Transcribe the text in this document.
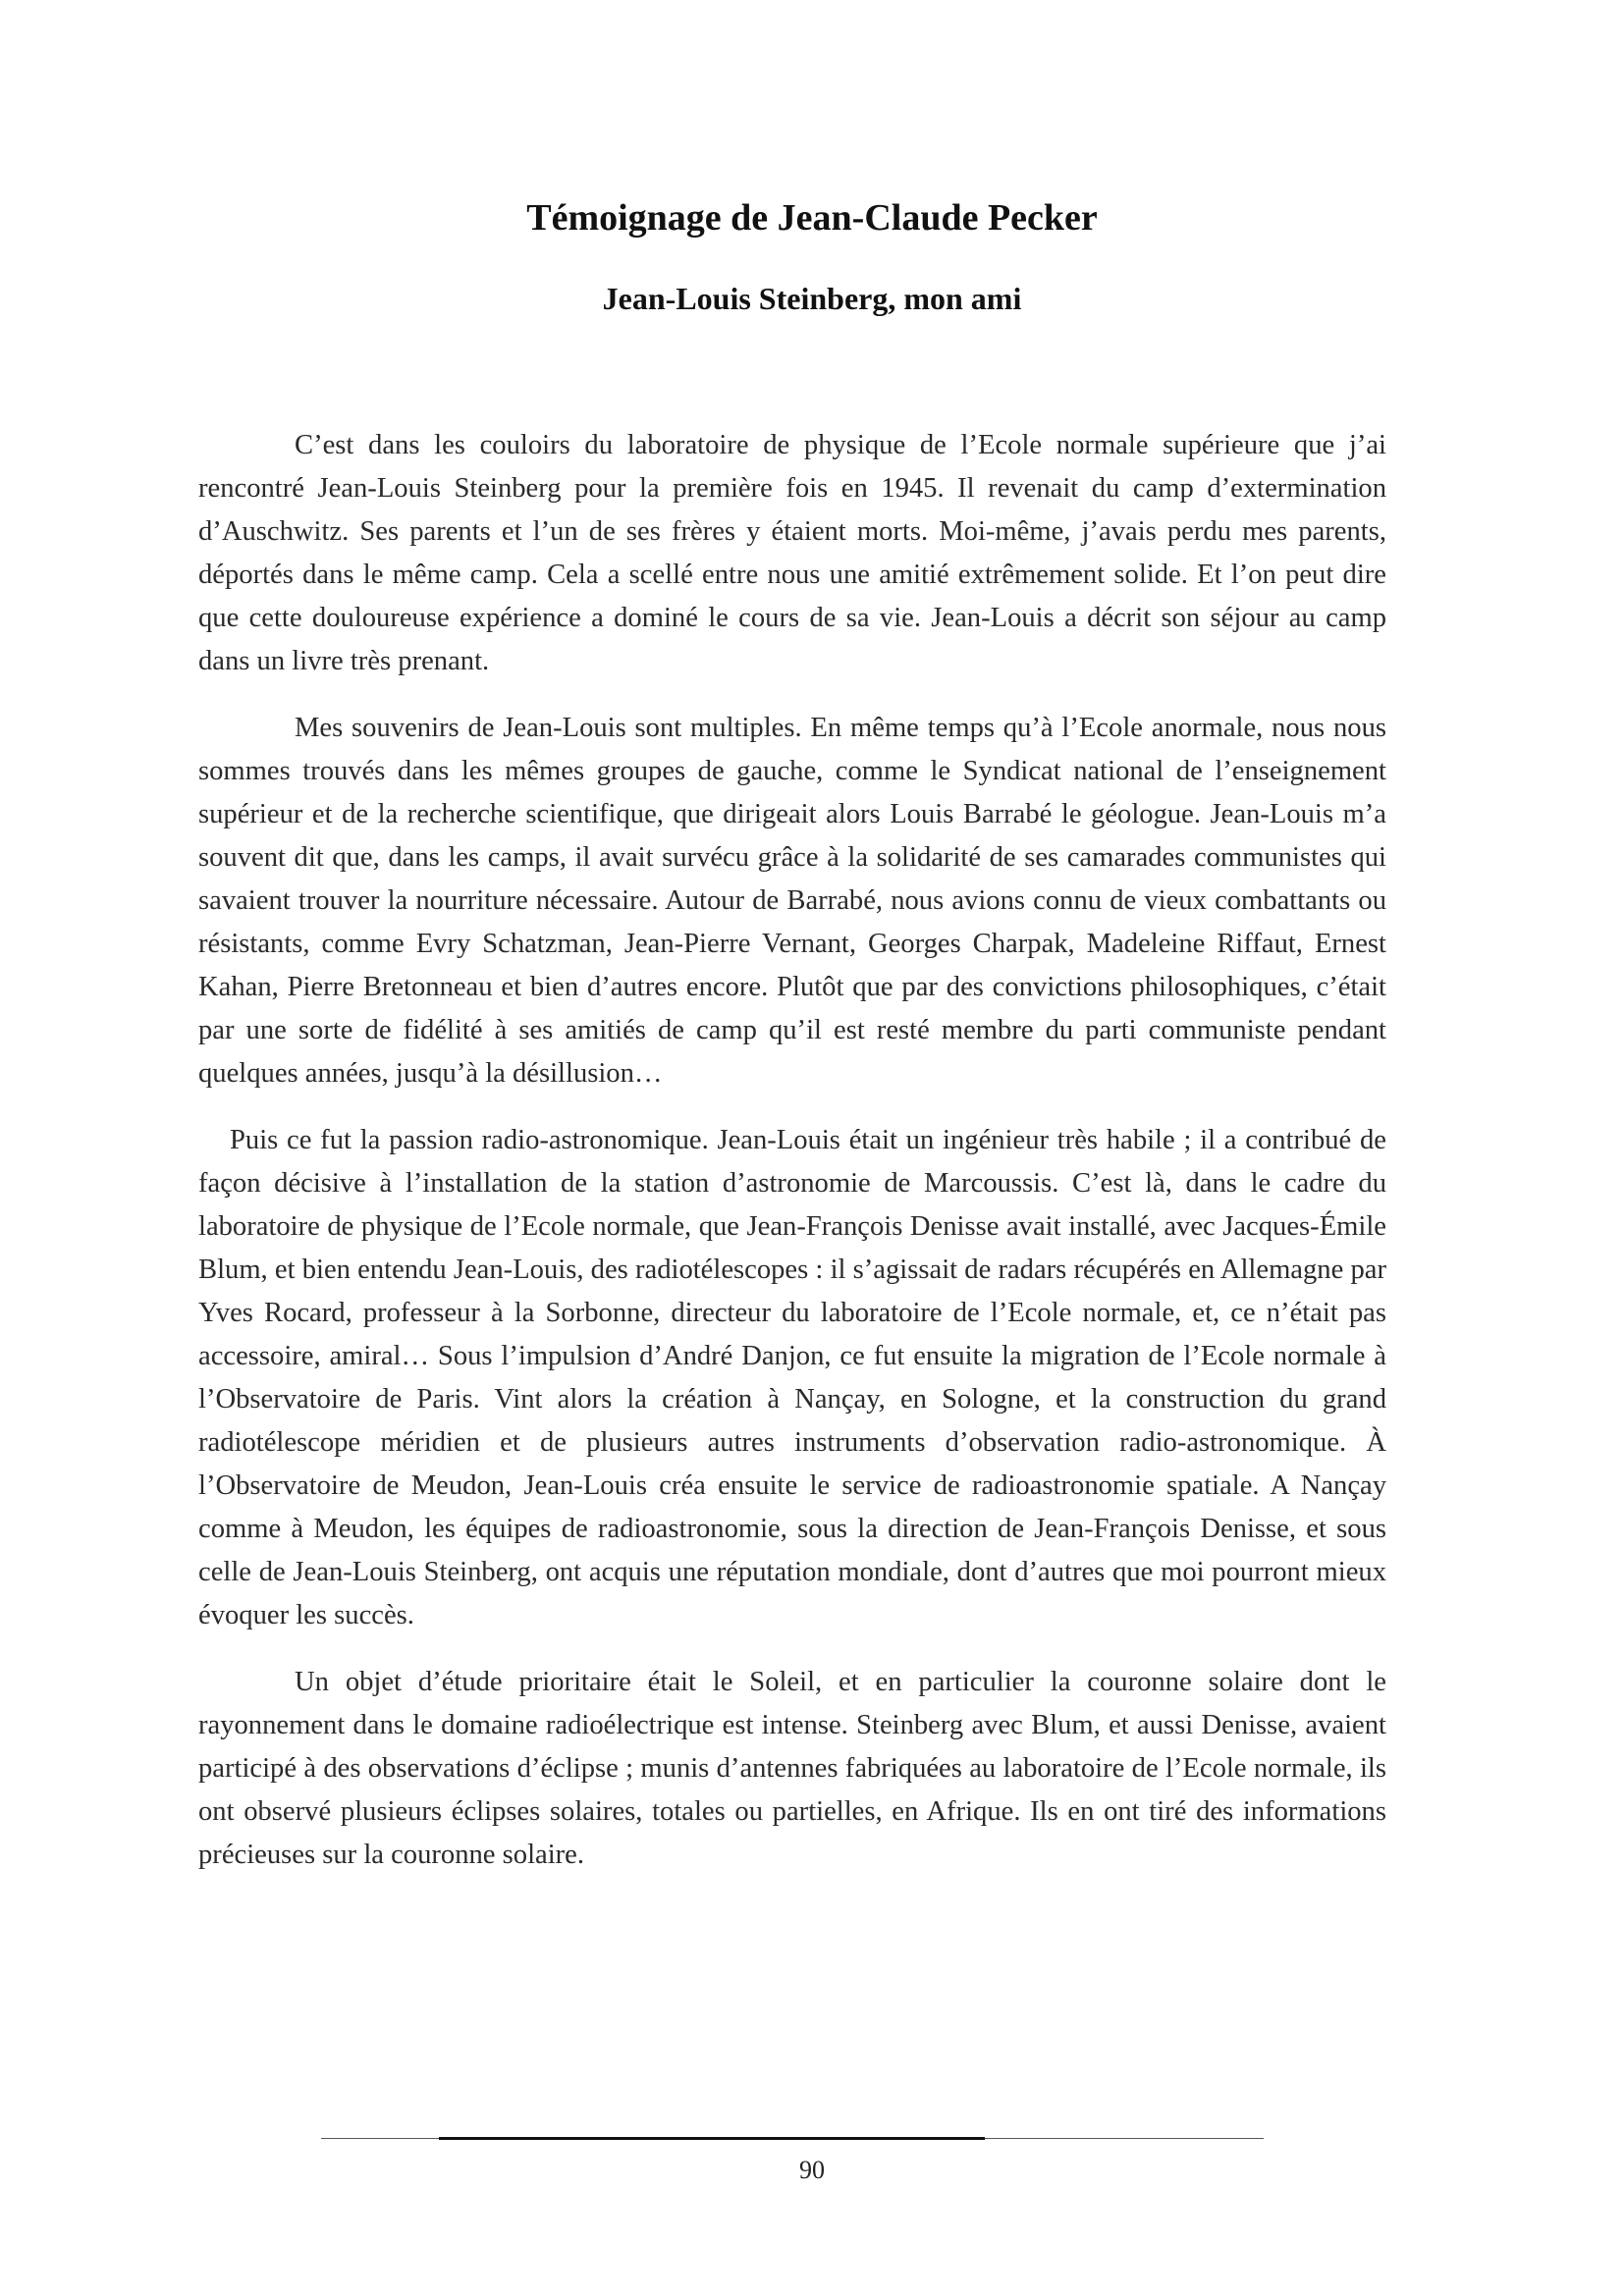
Témoignage de Jean-Claude Pecker
Jean-Louis Steinberg, mon ami

C’est dans les couloirs du laboratoire de physique de l’Ecole normale supérieure que j’ai rencontré Jean-Louis Steinberg pour la première fois en 1945. Il revenait du camp d’extermination d’Auschwitz. Ses parents et l’un de ses frères y étaient morts. Moi-même, j’avais perdu mes parents, déportés dans le même camp. Cela a scellé entre nous une amitié extrêmement solide. Et l’on peut dire que cette douloureuse expérience a dominé le cours de sa vie. Jean-Louis a décrit son séjour au camp dans un livre très prenant.

Mes souvenirs de Jean-Louis sont multiples. En même temps qu’à l’Ecole anormale, nous nous sommes trouvés dans les mêmes groupes de gauche, comme le Syndicat national de l’enseignement supérieur et de la recherche scientifique, que dirigeait alors Louis Barrabé le géologue. Jean-Louis m’a souvent dit que, dans les camps, il avait survécu grâce à la solidarité de ses camarades communistes qui savaient trouver la nourriture nécessaire. Autour de Barrabé, nous avions connu de vieux combattants ou résistants, comme Evry Schatzman, Jean-Pierre Vernant, Georges Charpak, Madeleine Riffaut, Ernest Kahan, Pierre Bretonneau et bien d’autres encore. Plutôt que par des convictions philosophiques, c’était par une sorte de fidélité à ses amitiés de camp qu’il est resté membre du parti communiste pendant quelques années, jusqu’à la désillusion…

Puis ce fut la passion radio-astronomique. Jean-Louis était un ingénieur très habile ; il a contribué de façon décisive à l’installation de la station d’astronomie de Marcoussis. C’est là, dans le cadre du laboratoire de physique de l’Ecole normale, que Jean-François Denisse avait installé, avec Jacques-Émile Blum, et bien entendu Jean-Louis, des radiotélescopes : il s’agissait de radars récupérés en Allemagne par Yves Rocard, professeur à la Sorbonne, directeur du laboratoire de l’Ecole normale, et, ce n’était pas accessoire, amiral… Sous l’impulsion d’André Danjon, ce fut ensuite la migration de l’Ecole normale à l’Observatoire de Paris. Vint alors la création à Nançay, en Sologne, et la construction du grand radiotélescope méridien et de plusieurs autres instruments d’observation radio-astronomique. À l’Observatoire de Meudon, Jean-Louis créa ensuite le service de radioastronomie spatiale. A Nançay comme à Meudon, les équipes de radioastronomie, sous la direction de Jean-François Denisse, et sous celle de Jean-Louis Steinberg, ont acquis une réputation mondiale, dont d’autres que moi pourront mieux évoquer les succès.

Un objet d’étude prioritaire était le Soleil, et en particulier la couronne solaire dont le rayonnement dans le domaine radioélectrique est intense. Steinberg avec Blum, et aussi Denisse, avaient participé à des observations d’éclipse ; munis d’antennes fabriquées au laboratoire de l’Ecole normale, ils ont observé plusieurs éclipses solaires, totales ou partielles, en Afrique. Ils en ont tiré des informations précieuses sur la couronne solaire.

90
